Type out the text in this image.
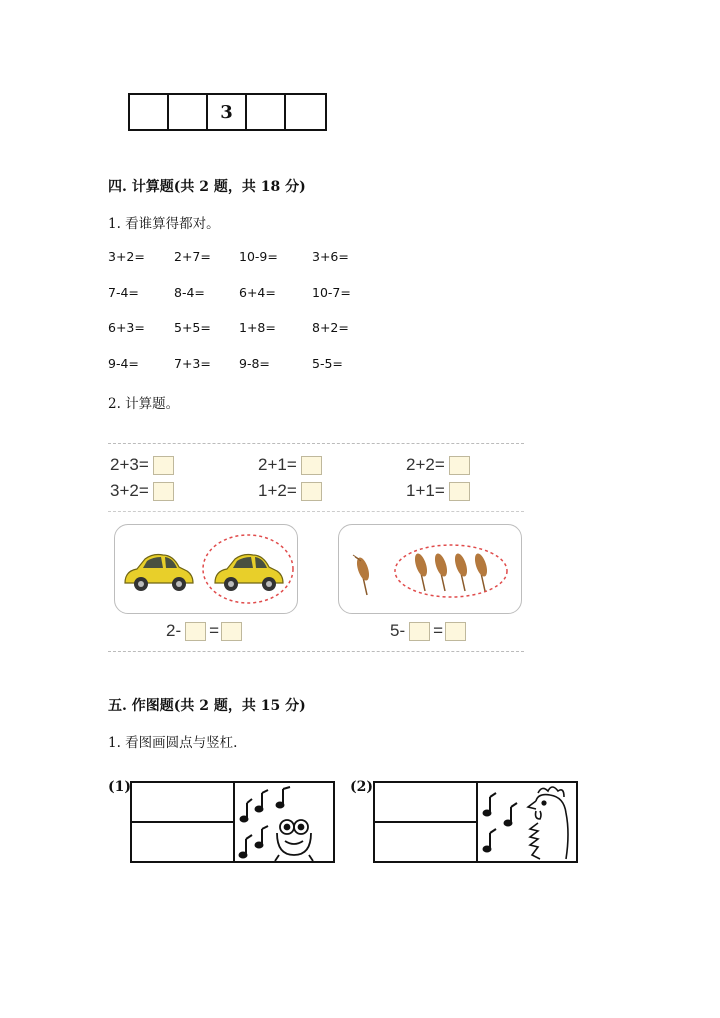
3
四. 计算题(共 2 题，共 18 分)
1. 看谁算得都对。
3+2= 2+7= 10-9=	3+6=
7-4=	8-4=	6+4=	10-7=
6+3= 5+5= 1+8=	8+2=
9-4=	7+3= 9-8=	5-5=
2. 计算题。
2+3=	2+1=	2+2=
3+2=	1+2=	1+1=
2- =	5- =
五. 作图题(共 2 题，共 15 分)
1. 看图画圆点与竖杠.
(1)	(2)
